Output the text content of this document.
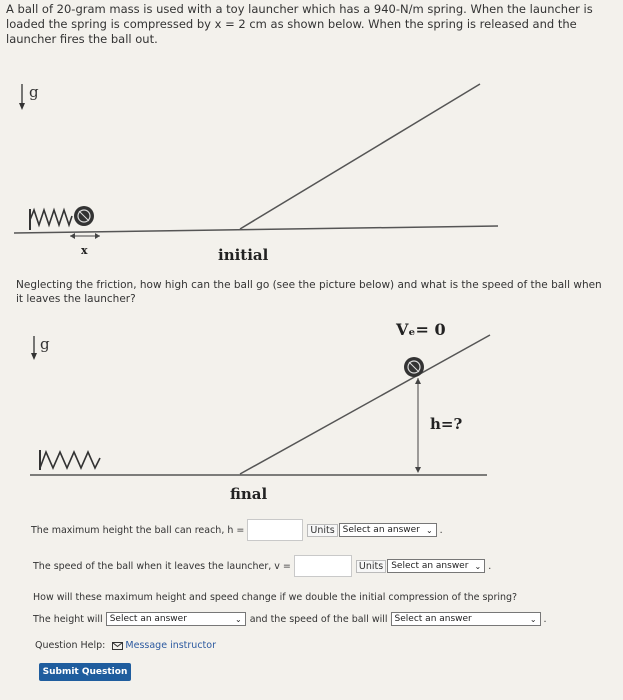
A ball of 20-gram mass is used with a toy launcher which has a 940-N/m spring. When the launcher is loaded the spring is compressed by x = 2 cm as shown below. When the spring is released and the launcher fires the ball out.
g
x	initial
Neglecting the friction, how high can the ball go (see the picture below) and what is the speed of the ball when it leaves the launcher?
g
Vₑ= 0
h=?
final
The maximum height the ball can reach, h =	Units Select an answer ⌄ .
The speed of the ball when it leaves the launcher, v =	Units Select an answer ⌄ .
How will these maximum height and speed change if we double the initial compression of the spring?
The height will Select an answer	⌄ and the speed of the ball will Select an answer	⌄ .
Question Help: Message instructor
Submit Question
